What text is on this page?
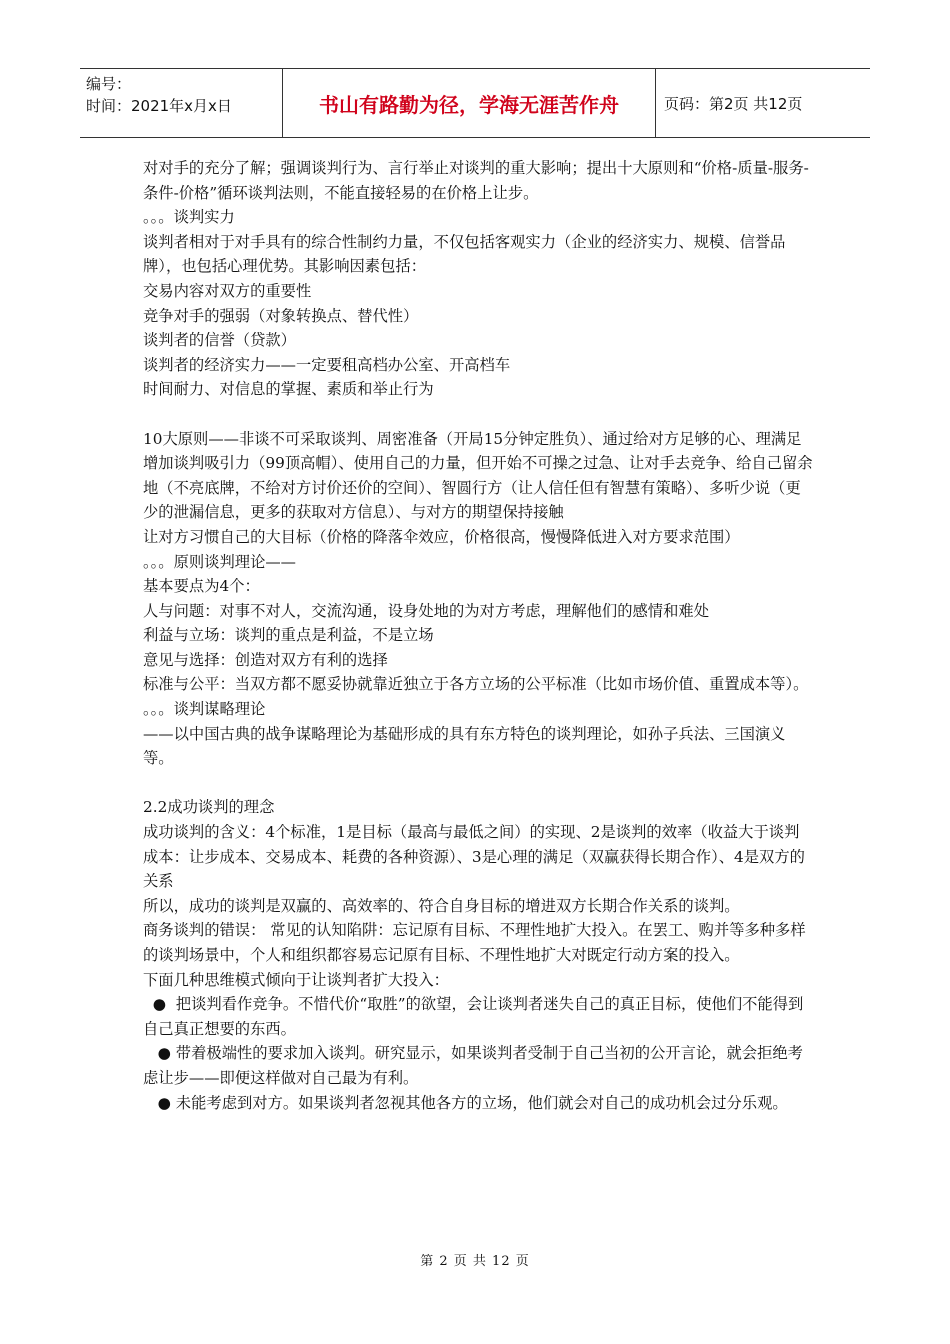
编号：
时间：2021年x月x日	书山有路勤为径，学海无涯苦作舟	页码：第2页 共12页

对对手的充分了解；强调谈判行为、言行举止对谈判的重大影响；提出十大原则和“价格-质量-服务-条件-价格”循环谈判法则，不能直接轻易的在价格上让步。

。。。谈判实力

谈判者相对于对手具有的综合性制约力量，不仅包括客观实力（企业的经济实力、规模、信誉品牌），也包括心理优势。其影响因素包括：

交易内容对双方的重要性

竞争对手的强弱（对象转换点、替代性）

谈判者的信誉（贷款）

谈判者的经济实力——一定要租高档办公室、开高档车

时间耐力、对信息的掌握、素质和举止行为

10大原则——非谈不可采取谈判、周密准备（开局15分钟定胜负）、通过给对方足够的心、理满足增加谈判吸引力（99顶高帽）、使用自己的力量，但开始不可操之过急、让对手去竞争、给自己留余地（不亮底牌，不给对方讨价还价的空间）、智圆行方（让人信任但有智慧有策略）、多听少说（更少的泄漏信息，更多的获取对方信息）、与对方的期望保持接触

让对方习惯自己的大目标（价格的降落伞效应，价格很高，慢慢降低进入对方要求范围）

。。。原则谈判理论——

基本要点为4个：

人与问题：对事不对人，交流沟通，设身处地的为对方考虑，理解他们的感情和难处

利益与立场：谈判的重点是利益，不是立场

意见与选择：创造对双方有利的选择

标准与公平：当双方都不愿妥协就靠近独立于各方立场的公平标准（比如市场价值、重置成本等）。

。。。谈判谋略理论

——以中国古典的战争谋略理论为基础形成的具有东方特色的谈判理论，如孙子兵法、三国演义等。

2.2成功谈判的理念

成功谈判的含义：4个标准，1是目标（最高与最低之间）的实现、2是谈判的效率（收益大于谈判成本：让步成本、交易成本、耗费的各种资源）、3是心理的满足（双赢获得长期合作）、4是双方的关系

所以，成功的谈判是双赢的、高效率的、符合自身目标的增进双方长期合作关系的谈判。

商务谈判的错误： 常见的认知陷阱：忘记原有目标、不理性地扩大投入。在罢工、购并等多种多样的谈判场景中，个人和组织都容易忘记原有目标、不理性地扩大对既定行动方案的投入。

下面几种思维模式倾向于让谈判者扩大投入：

●  把谈判看作竞争。不惜代价“取胜”的欲望，会让谈判者迷失自己的真正目标，使他们不能得到自己真正想要的东西。

● 带着极端性的要求加入谈判。研究显示，如果谈判者受制于自己当初的公开言论，就会拒绝考虑让步——即便这样做对自己最为有利。

● 未能考虑到对方。如果谈判者忽视其他各方的立场，他们就会对自己的成功机会过分乐观。

第 2 页 共 12 页
